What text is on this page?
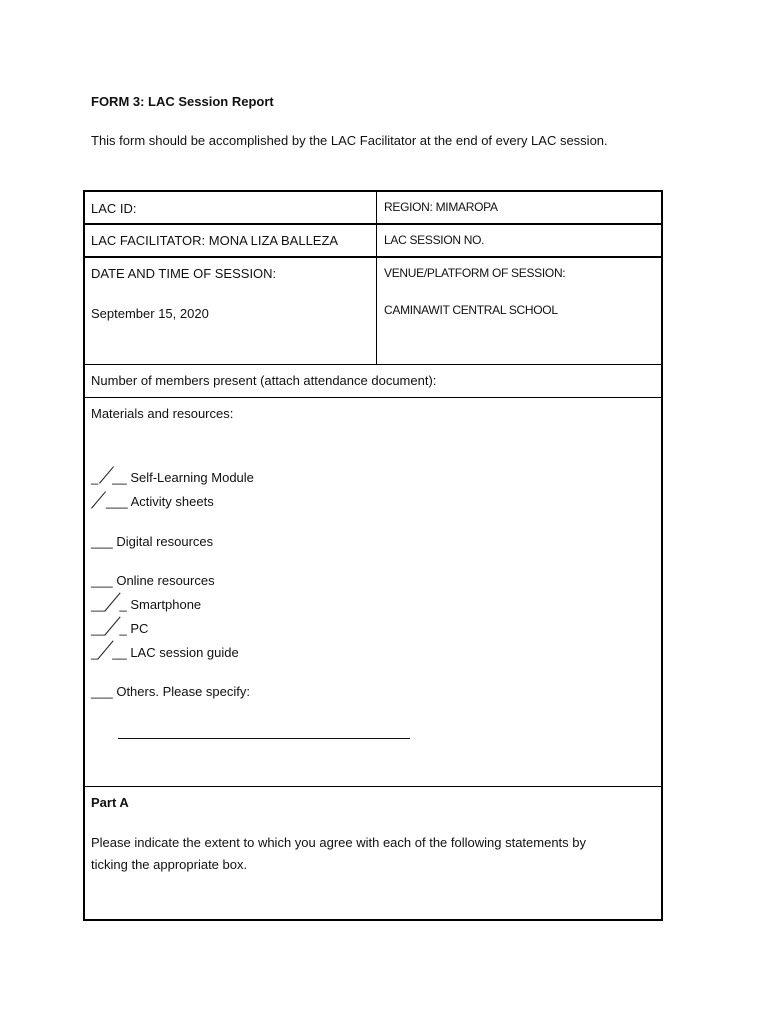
FORM 3: LAC Session Report
This form should be accomplished by the LAC Facilitator at the end of every LAC session.
LAC ID:	REGION: MIMAROPA
LAC FACILITATOR: MONA LIZA BALLEZA	LAC SESSION NO.
DATE AND TIME OF SESSION:
September 15, 2020
VENUE/PLATFORM OF SESSION:
CAMINAWIT CENTRAL SCHOOL
Number of members present (attach attendance document):
Materials and resources:
_ __ Self-Learning Module
___ Activity sheets
___ Digital resources
___ Online resources
__ _ Smartphone
__ _ PC
_ __ LAC session guide
___ Others. Please specify:
Part A
Please indicate the extent to which you agree with each of the following statements by
ticking the appropriate box.
